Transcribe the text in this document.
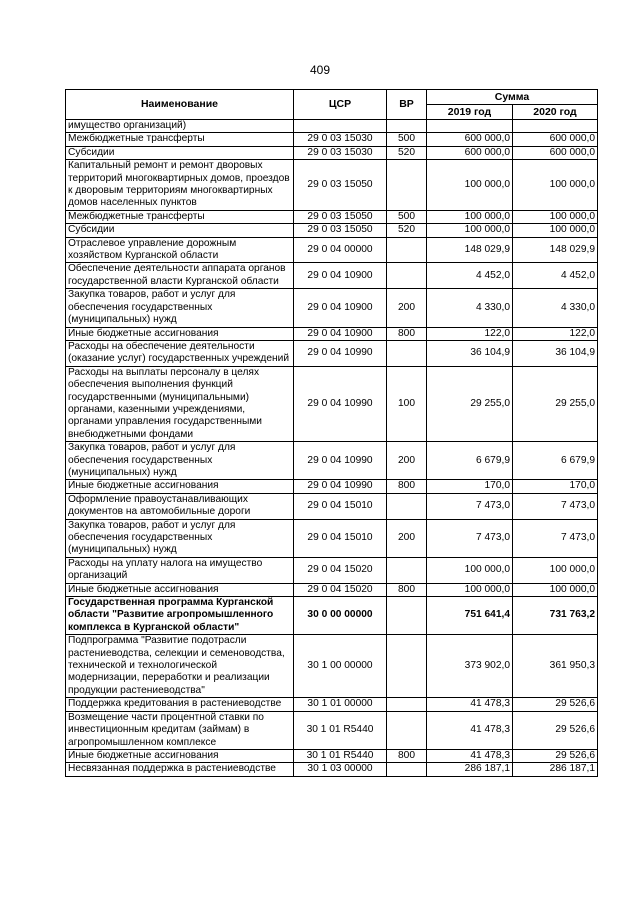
409
Наименование	ЦСР	ВР	Сумма	
			2019 год	2020 год
имущество организаций)				
Межбюджетные трансферты	29 0 03 15030	500	600 000,0	600 000,0
Субсидии	29 0 03 15030	520	600 000,0	600 000,0
Капитальный ремонт и ремонт дворовых территорий многоквартирных домов, проездов к дворовым территориям многоквартирных домов населенных пунктов	29 0 03 15050		100 000,0	100 000,0
Межбюджетные трансферты	29 0 03 15050	500	100 000,0	100 000,0
Субсидии	29 0 03 15050	520	100 000,0	100 000,0
Отраслевое управление дорожным хозяйством Курганской области	29 0 04 00000		148 029,9	148 029,9
Обеспечение деятельности аппарата органов государственной власти Курганской области	29 0 04 10900		4 452,0	4 452,0
Закупка товаров, работ и услуг для обеспечения государственных (муниципальных) нужд	29 0 04 10900	200	4 330,0	4 330,0
Иные бюджетные ассигнования	29 0 04 10900	800	122,0	122,0
Расходы на обеспечение деятельности (оказание услуг) государственных учреждений	29 0 04 10990		36 104,9	36 104,9
Расходы на выплаты персоналу в целях обеспечения выполнения функций государственными (муниципальными) органами, казенными учреждениями, органами управления государственными внебюджетными фондами	29 0 04 10990	100	29 255,0	29 255,0
Закупка товаров, работ и услуг для обеспечения государственных (муниципальных) нужд	29 0 04 10990	200	6 679,9	6 679,9
Иные бюджетные ассигнования	29 0 04 10990	800	170,0	170,0
Оформление правоустанавливающих документов на автомобильные дороги	29 0 04 15010		7 473,0	7 473,0
Закупка товаров, работ и услуг для обеспечения государственных (муниципальных) нужд	29 0 04 15010	200	7 473,0	7 473,0
Расходы на уплату налога на имущество организаций	29 0 04 15020		100 000,0	100 000,0
Иные бюджетные ассигнования	29 0 04 15020	800	100 000,0	100 000,0
Государственная программа Курганской области "Развитие агропромышленного комплекса в Курганской области"	30 0 00 00000		751 641,4	731 763,2
Подпрограмма "Развитие подотрасли растениеводства, селекции и семеноводства, технической и технологической модернизации, переработки и реализации продукции растениеводства"	30 1 00 00000		373 902,0	361 950,3
Поддержка кредитования в растениеводстве	30 1 01 00000		41 478,3	29 526,6
Возмещение части процентной ставки по инвестиционным кредитам (займам) в агропромышленном комплексе	30 1 01 R5440		41 478,3	29 526,6
Иные бюджетные ассигнования	30 1 01 R5440	800	41 478,3	29 526,6
Несвязанная поддержка в растениеводстве	30 1 03 00000		286 187,1	286 187,1
